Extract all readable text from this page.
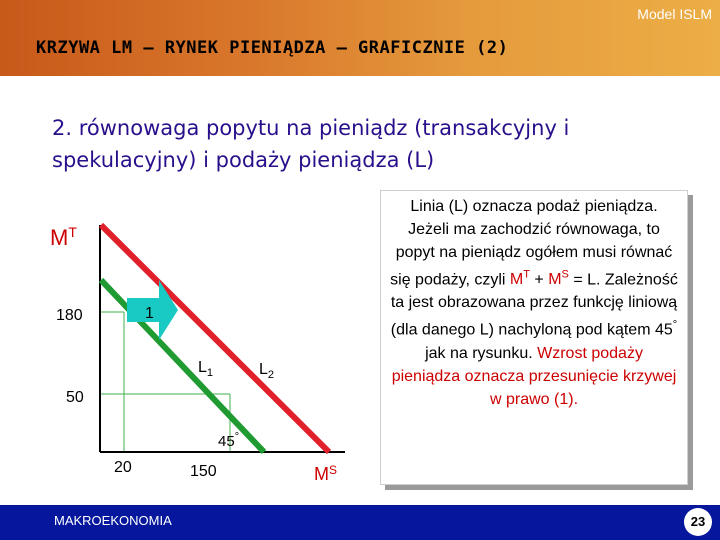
Model ISLM
KRZYWA LM – RYNEK PIENIĄDZA – GRAFICZNIE (2)
2. równowaga popytu na pieniądz (transakcyjny i spekulacyjny) i podaży pieniądza (L)
1
$M^T$
$M^S$
180
50
20	150
$L_1$	$L_2$
45°

Linia (L) oznacza podaż pieniądza. Jeżeli ma zachodzić równowaga, to popyt na pieniądz ogółem musi równać się podaży, czyli $M^T + M^S = L$. Zależność ta jest obrazowana przez funkcję liniową (dla danego L) nachyloną pod kątem 45° jak na rysunku. Wzrost podaży pieniądza oznacza przesunięcie krzywej w prawo (1).

MAKROEKONOMIA	23
